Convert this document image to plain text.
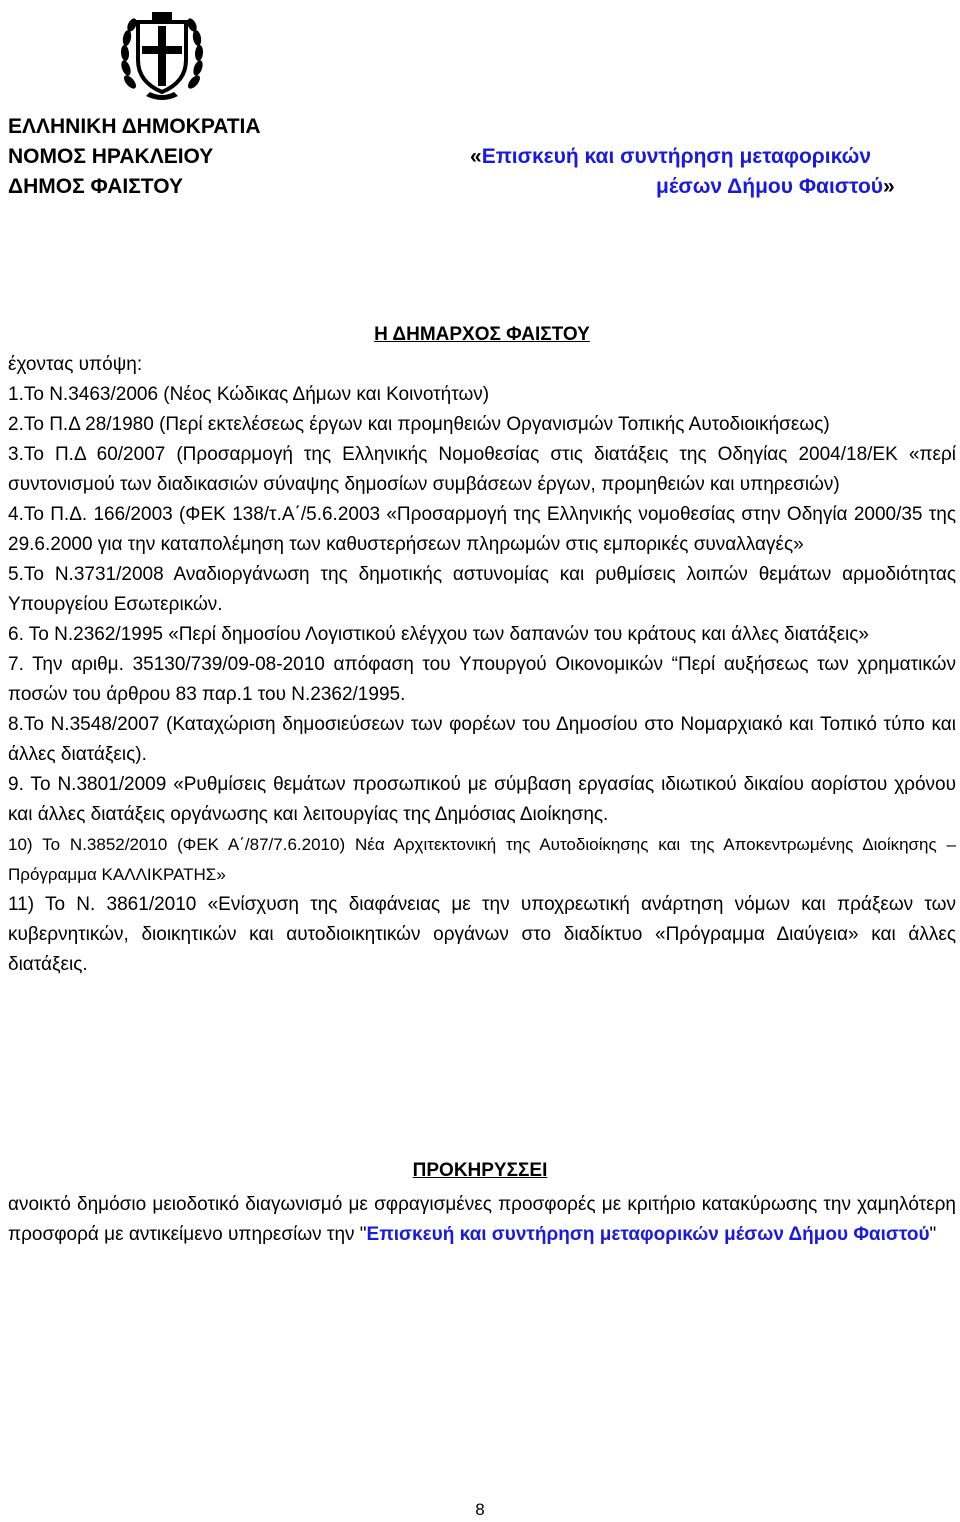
ΕΛΛΗΝΙΚΗ ΔΗΜΟΚΡΑΤΙΑ
ΝΟΜΟΣ ΗΡΑΚΛΕΙΟΥ
ΔΗΜΟΣ ΦΑΙΣΤΟΥ
«Επισκευή και συντήρηση μεταφορικών
μέσων Δήμου Φαιστού»
Η ΔΗΜΑΡΧΟΣ ΦΑΙΣΤΟΥ
έχοντας υπόψη:
1.Το Ν.3463/2006 (Νέος Κώδικας Δήμων και Κοινοτήτων)
2.Το Π.Δ 28/1980 (Περί εκτελέσεως έργων και προμηθειών Οργανισμών Τοπικής Αυτοδιοικήσεως)
3.Το Π.Δ 60/2007 (Προσαρμογή της Ελληνικής Νομοθεσίας στις διατάξεις της Οδηγίας 2004/18/ΕΚ «περί συντονισμού των διαδικασιών σύναψης δημοσίων συμβάσεων έργων, προμηθειών και υπηρεσιών)
4.Το Π.Δ. 166/2003 (ΦΕΚ 138/τ.Α΄/5.6.2003 «Προσαρμογή της Ελληνικής νομοθεσίας στην Οδηγία 2000/35 της 29.6.2000 για την καταπολέμηση των καθυστερήσεων πληρωμών στις εμπορικές συναλλαγές»
5.Το Ν.3731/2008 Αναδιοργάνωση της δημοτικής αστυνομίας και ρυθμίσεις λοιπών θεμάτων αρμοδιότητας Υπουργείου Εσωτερικών.
6. Το Ν.2362/1995 «Περί δημοσίου Λογιστικού ελέγχου των δαπανών του κράτους και άλλες διατάξεις»
7. Την αριθμ. 35130/739/09-08-2010 απόφαση του Υπουργού Οικονομικών “Περί αυξήσεως των χρηματικών ποσών του άρθρου 83 παρ.1 του Ν.2362/1995.
8.Το Ν.3548/2007 (Καταχώριση δημοσιεύσεων των φορέων του Δημοσίου στο Νομαρχιακό και Τοπικό τύπο και άλλες διατάξεις).
9. Το Ν.3801/2009 «Ρυθμίσεις θεμάτων προσωπικού με σύμβαση εργασίας ιδιωτικού δικαίου αορίστου χρόνου και άλλες διατάξεις οργάνωσης και λειτουργίας της Δημόσιας Διοίκησης.
10) Το Ν.3852/2010 (ΦΕΚ Α΄/87/7.6.2010) Νέα Αρχιτεκτονική της Αυτοδιοίκησης και της Αποκεντρωμένης Διοίκησης –Πρόγραμμα ΚΑΛΛΙΚΡΑΤΗΣ»
11) Το Ν. 3861/2010 «Ενίσχυση της διαφάνειας με την υποχρεωτική ανάρτηση νόμων και πράξεων των κυβερνητικών, διοικητικών και αυτοδιοικητικών οργάνων στο διαδίκτυο «Πρόγραμμα Διαύγεια» και άλλες διατάξεις.
ΠΡΟΚΗΡΥΣΣΕΙ
ανοικτό δημόσιο μειοδοτικό διαγωνισμό με σφραγισμένες προσφορές με κριτήριο κατακύρωσης την χαμηλότερη προσφορά με αντικείμενο υπηρεσίων την "Επισκευή και συντήρηση μεταφορικών μέσων Δήμου Φαιστού"
8
